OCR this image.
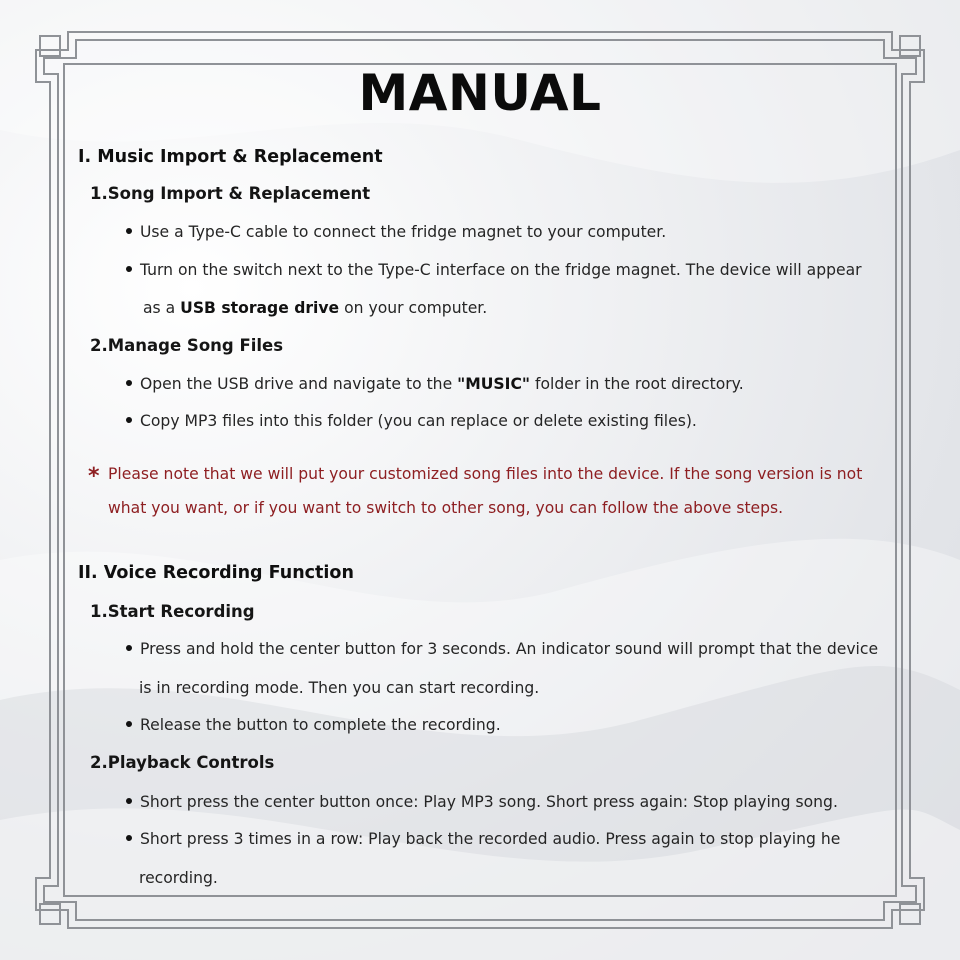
MANUAL
I. Music Import & Replacement
1.Song Import & Replacement
Use a Type-C cable to connect the fridge magnet to your computer.
Turn on the switch next to the Type-C interface on the fridge magnet. The device will appear
as a USB storage drive on your computer.
2.Manage Song Files
Open the USB drive and navigate to the "MUSIC" folder in the root directory.
Copy MP3 files into this folder (you can replace or delete existing files).
* Please note that we will put your customized song files into the device. If the song version is not
what you want, or if you want to switch to other song, you can follow the above steps.
II. Voice Recording Function
1.Start Recording
Press and hold the center button for 3 seconds. An indicator sound will prompt that the device
is in recording mode. Then you can start recording.
Release the button to complete the recording.
2.Playback Controls
Short press the center button once: Play MP3 song. Short press again: Stop playing song.
Short press 3 times in a row: Play back the recorded audio. Press again to stop playing he
recording.
